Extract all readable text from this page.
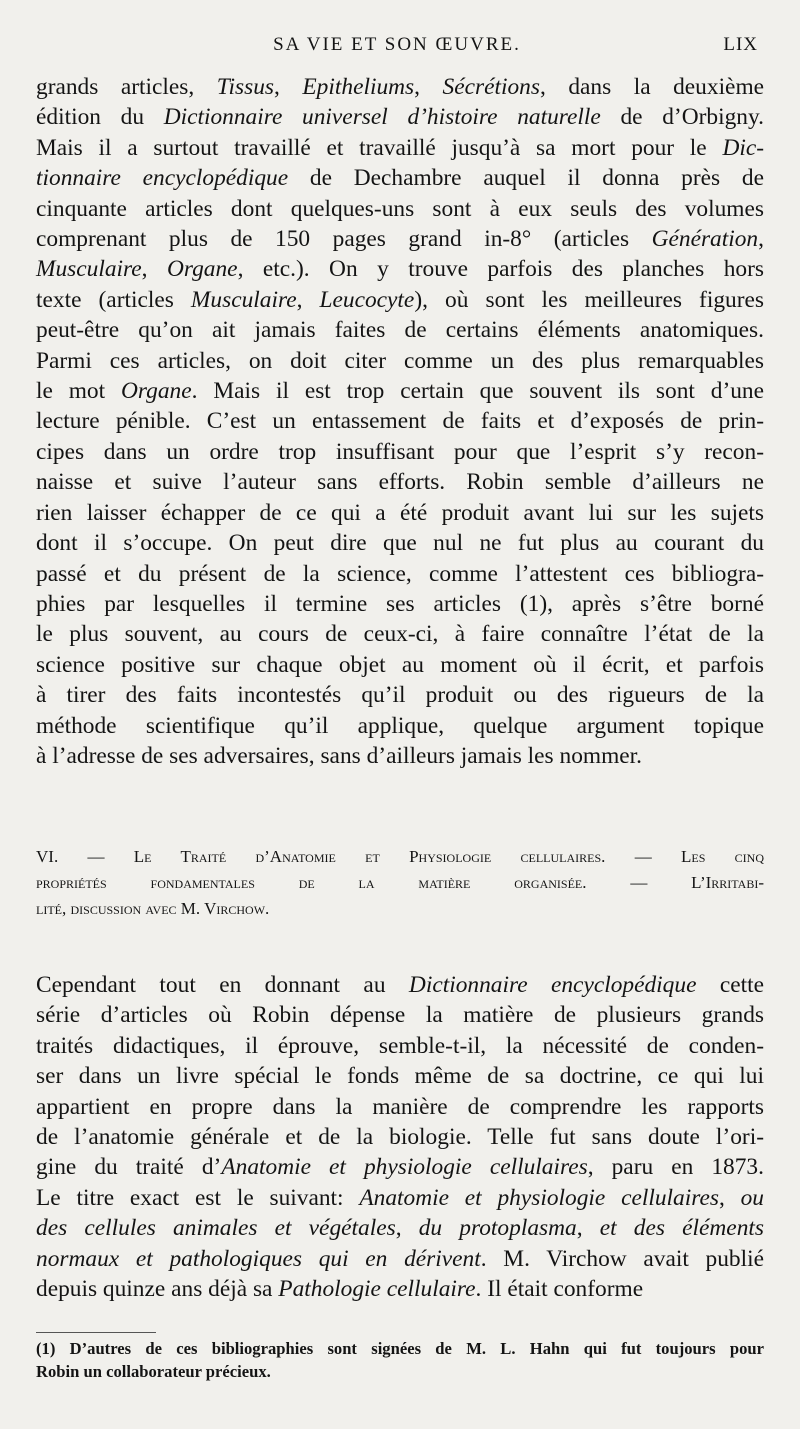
SA VIE ET SON ŒUVRE.	LIX
grands articles, Tissus, Epitheliums, Sécrétions, dans la deuxième
édition du Dictionnaire universel d’histoire naturelle de d’Orbigny.
Mais il a surtout travaillé et travaillé jusqu’à sa mort pour le Dic-
tionnaire encyclopédique de Dechambre auquel il donna près de
cinquante articles dont quelques-uns sont à eux seuls des volumes
comprenant plus de 150 pages grand in-8° (articles Génération,
Musculaire, Organe, etc.). On y trouve parfois des planches hors
texte (articles Musculaire, Leucocyte), où sont les meilleures figures
peut-être qu’on ait jamais faites de certains éléments anatomiques.
Parmi ces articles, on doit citer comme un des plus remarquables
le mot Organe. Mais il est trop certain que souvent ils sont d’une
lecture pénible. C’est un entassement de faits et d’exposés de prin-
cipes dans un ordre trop insuffisant pour que l’esprit s’y recon-
naisse et suive l’auteur sans efforts. Robin semble d’ailleurs ne
rien laisser échapper de ce qui a été produit avant lui sur les sujets
dont il s’occupe. On peut dire que nul ne fut plus au courant du
passé et du présent de la science, comme l’attestent ces bibliogra-
phies par lesquelles il termine ses articles (1), après s’être borné
le plus souvent, au cours de ceux-ci, à faire connaître l’état de la
science positive sur chaque objet au moment où il écrit, et parfois
à tirer des faits incontestés qu’il produit ou des rigueurs de la
méthode scientifique qu’il applique, quelque argument topique
à l’adresse de ses adversaires, sans d’ailleurs jamais les nommer.
VI. — Le Traité d’Anatomie et Physiologie cellulaires. — Les cinq
propriétés fondamentales de la matière organisée. — L’Irritabi-
lité, discussion avec M. Virchow.
Cependant tout en donnant au Dictionnaire encyclopédique cette
série d’articles où Robin dépense la matière de plusieurs grands
traités didactiques, il éprouve, semble-t-il, la nécessité de conden-
ser dans un livre spécial le fonds même de sa doctrine, ce qui lui
appartient en propre dans la manière de comprendre les rapports
de l’anatomie générale et de la biologie. Telle fut sans doute l’ori-
gine du traité d’Anatomie et physiologie cellulaires, paru en 1873.
Le titre exact est le suivant: Anatomie et physiologie cellulaires, ou
des cellules animales et végétales, du protoplasma, et des éléments
normaux et pathologiques qui en dérivent. M. Virchow avait publié
depuis quinze ans déjà sa Pathologie cellulaire. Il était conforme
(1) D’autres de ces bibliographies sont signées de M. L. Hahn qui fut toujours pour
Robin un collaborateur précieux.
